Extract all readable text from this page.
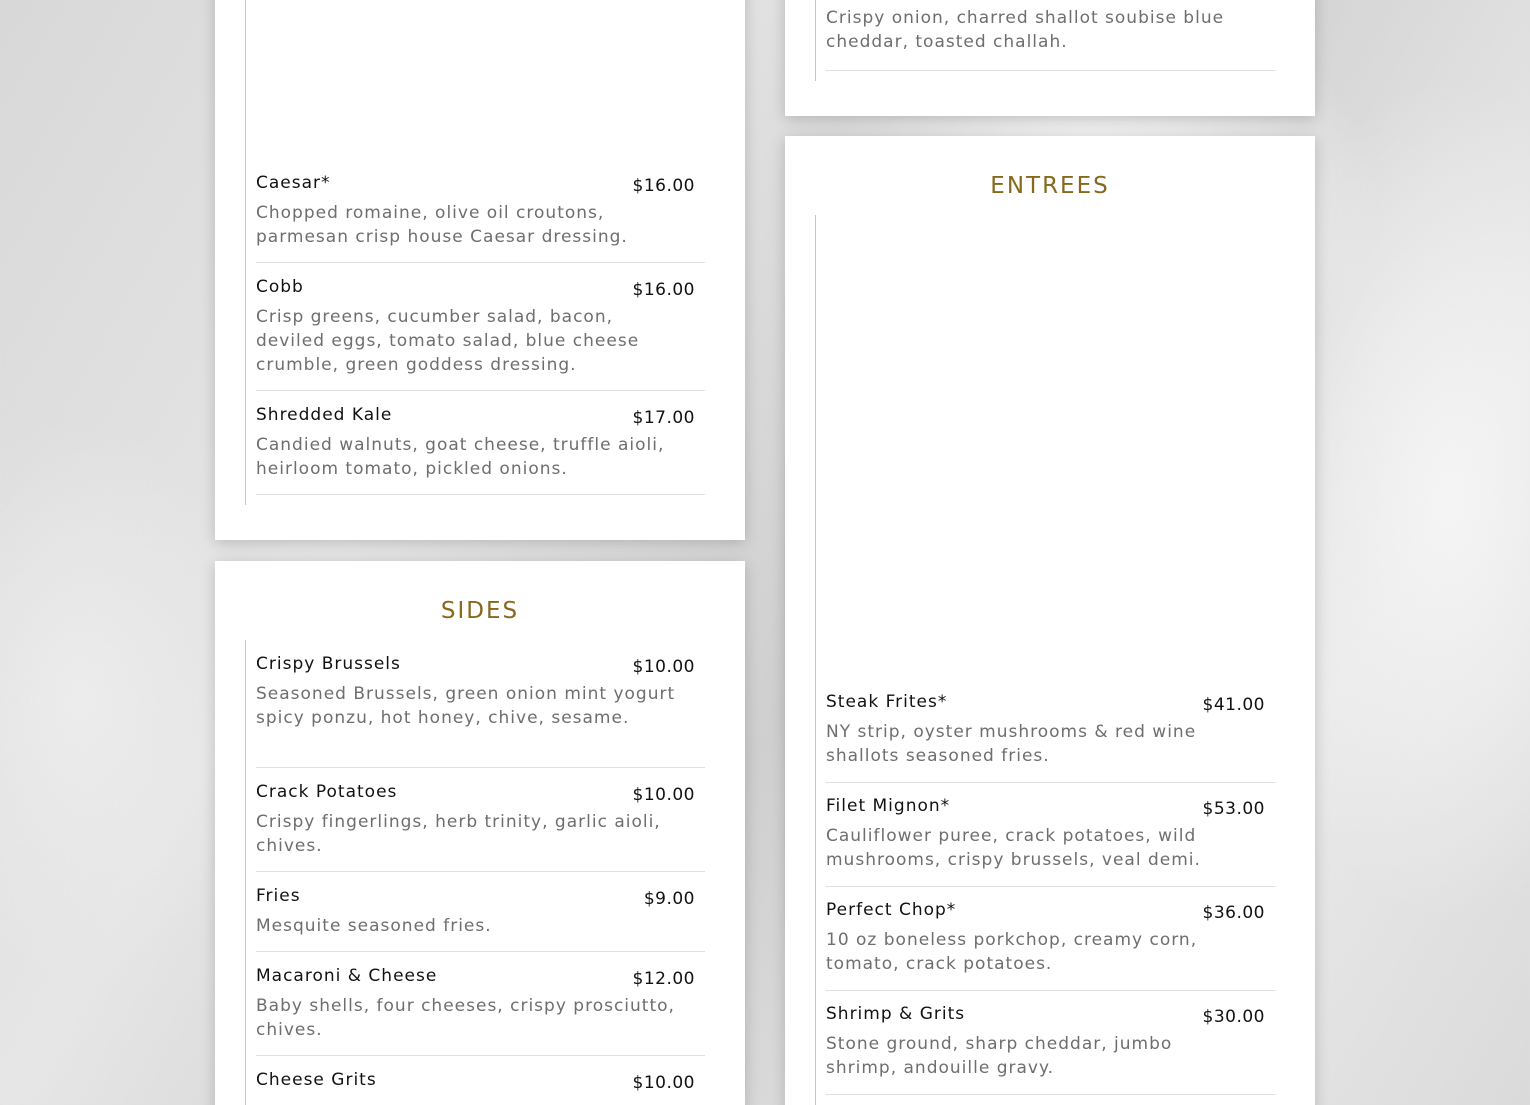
Caesar*	$16.00
Chopped romaine, olive oil croutons, parmesan crisp house Caesar dressing.
Cobb	$16.00
Crisp greens, cucumber salad, bacon, deviled eggs, tomato salad, blue cheese crumble, green goddess dressing.
Shredded Kale	$17.00
Candied walnuts, goat cheese, truffle aioli, heirloom tomato, pickled onions.
SIDES
Crispy Brussels	$10.00
Seasoned Brussels, green onion mint yogurt spicy ponzu, hot honey, chive, sesame.
Crack Potatoes	$10.00
Crispy fingerlings, herb trinity, garlic aioli, chives.
Fries	$9.00
Mesquite seasoned fries.
Macaroni & Cheese	$12.00
Baby shells, four cheeses, crispy prosciutto, chives.
Cheese Grits	$10.00
Crispy onion, charred shallot soubise blue cheddar, toasted challah.
ENTREES
Steak Frites*	$41.00
NY strip, oyster mushrooms & red wine shallots seasoned fries.
Filet Mignon*	$53.00
Cauliflower puree, crack potatoes, wild mushrooms, crispy brussels, veal demi.
Perfect Chop*	$36.00
10 oz boneless porkchop, creamy corn, tomato, crack potatoes.
Shrimp & Grits	$30.00
Stone ground, sharp cheddar, jumbo shrimp, andouille gravy.
